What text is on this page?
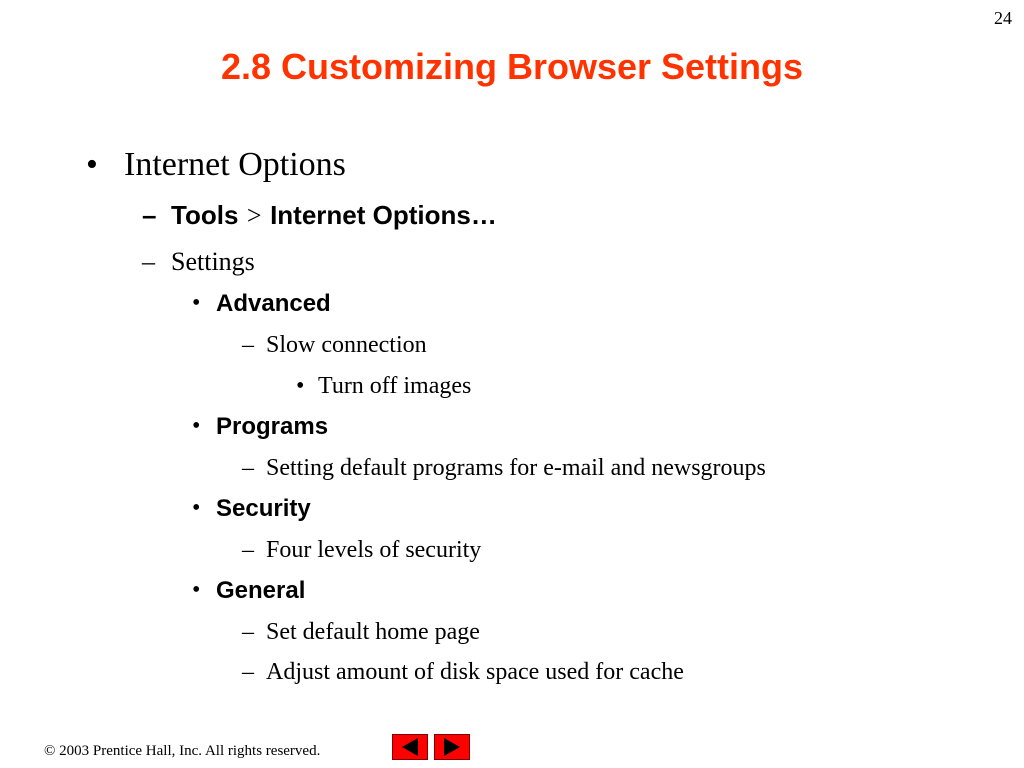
24
2.8 Customizing Browser Settings
• Internet Options
– Tools > Internet Options…
– Settings
• Advanced
– Slow connection
• Turn off images
• Programs
– Setting default programs for e-mail and newsgroups
• Security
– Four levels of security
• General
– Set default home page
– Adjust amount of disk space used for cache
© 2003 Prentice Hall, Inc. All rights reserved.
